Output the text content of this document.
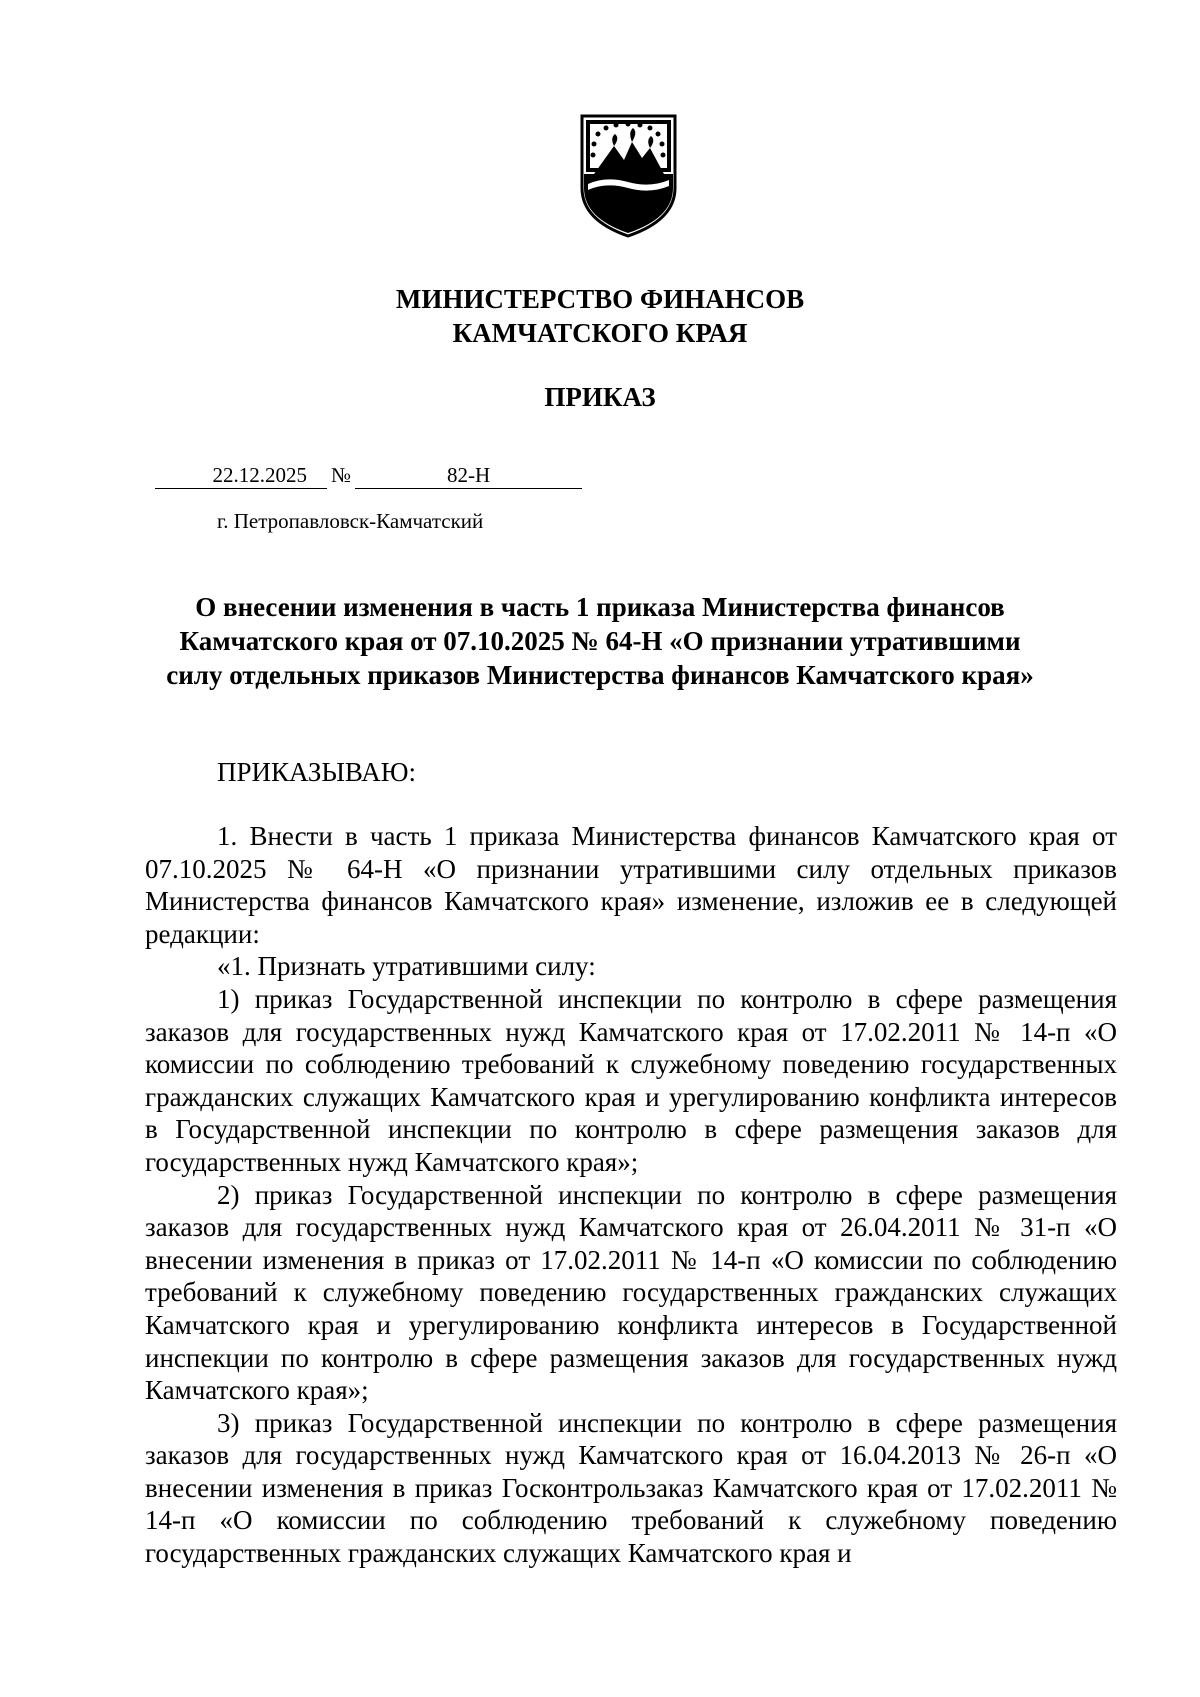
МИНИСТЕРСТВО ФИНАНСОВ
КАМЧАТСКОГО КРАЯ
ПРИКАЗ
22.12.2025	№	82-Н
г. Петропавловск-Камчатский
О внесении изменения в часть 1 приказа Министерства финансов
Камчатского края от 07.10.2025 № 64-Н «О признании утратившими
силу отдельных приказов Министерства финансов Камчатского края»
ПРИКАЗЫВАЮ:

1. Внести в часть 1 приказа Министерства финансов Камчатского края от 07.10.2025 № 64-Н «О признании утратившими силу отдельных приказов Министерства финансов Камчатского края» изменение, изложив ее в следующей редакции:

«1. Признать утратившими силу:

1) приказ Государственной инспекции по контролю в сфере размещения заказов для государственных нужд Камчатского края от 17.02.2011 № 14-п «О комиссии по соблюдению требований к служебному поведению государственных гражданских служащих Камчатского края и урегулированию конфликта интересов в Государственной инспекции по контролю в сфере размещения заказов для государственных нужд Камчатского края»;

2) приказ Государственной инспекции по контролю в сфере размещения заказов для государственных нужд Камчатского края от 26.04.2011 № 31-п «О внесении изменения в приказ от 17.02.2011 № 14-п «О комиссии по соблюдению требований к служебному поведению государственных гражданских служащих Камчатского края и урегулированию конфликта интересов в Государственной инспекции по контролю в сфере размещения заказов для государственных нужд Камчатского края»;

3) приказ Государственной инспекции по контролю в сфере размещения заказов для государственных нужд Камчатского края от 16.04.2013 № 26-п «О внесении изменения в приказ Госконтрользаказ Камчатского края от 17.02.2011 № 14-п «О комиссии по соблюдению требований к служебному поведению государственных гражданских служащих Камчатского края и
